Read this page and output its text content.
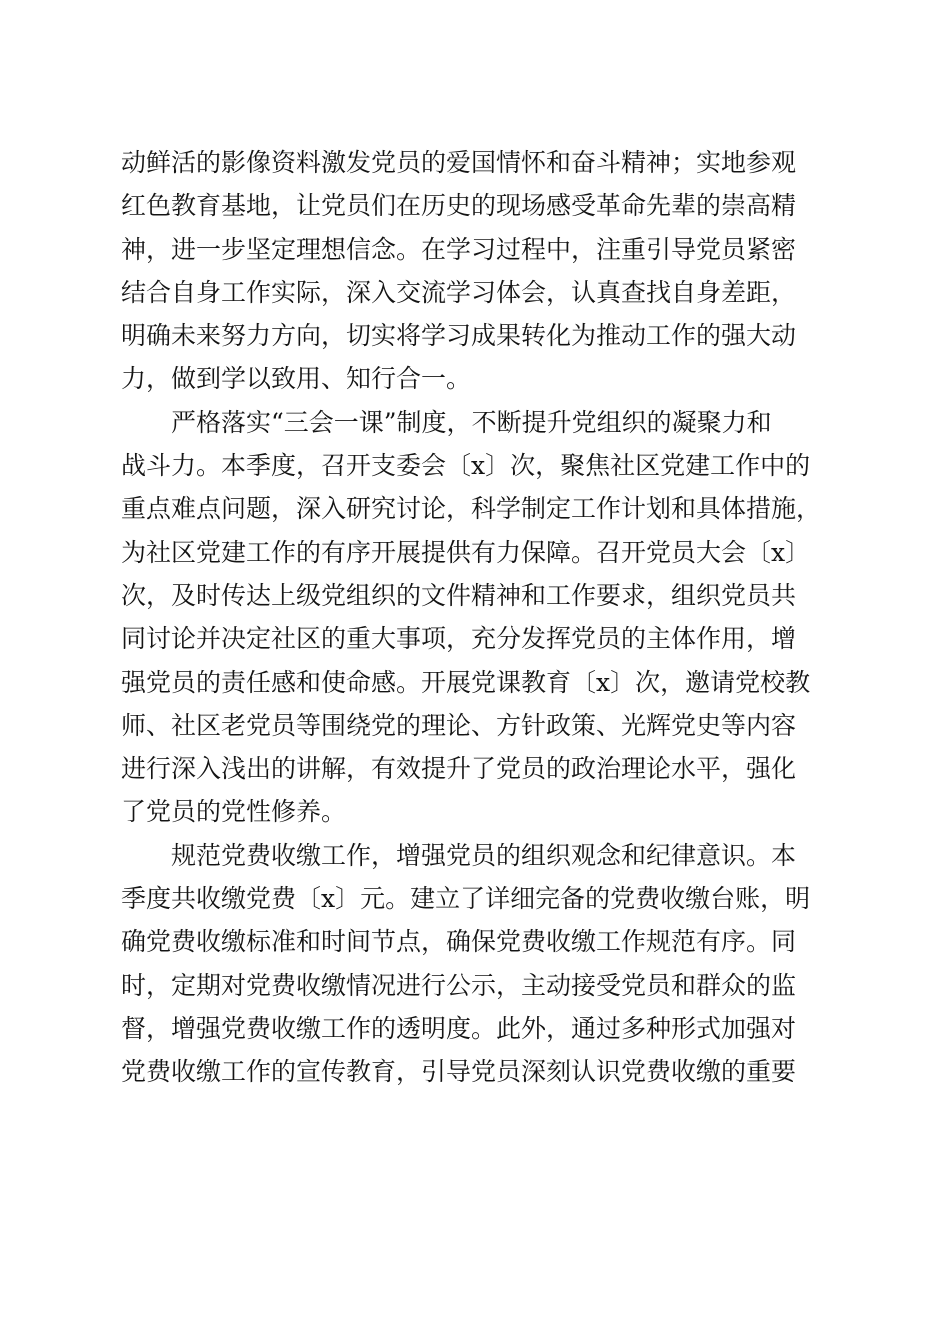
动鲜活的影像资料激发党员的爱国情怀和奋斗精神；实地参观
红色教育基地，让党员们在历史的现场感受革命先辈的崇高精
神，进一步坚定理想信念。在学习过程中，注重引导党员紧密
结合自身工作实际，深入交流学习体会，认真查找自身差距，
明确未来努力方向，切实将学习成果转化为推动工作的强大动
力，做到学以致用、知行合一。
严格落实“三会一课”制度，不断提升党组织的凝聚力和
战斗力。本季度，召开支委会〔x〕次，聚焦社区党建工作中的
重点难点问题，深入研究讨论，科学制定工作计划和具体措施，
为社区党建工作的有序开展提供有力保障。召开党员大会〔x〕
次，及时传达上级党组织的文件精神和工作要求，组织党员共
同讨论并决定社区的重大事项，充分发挥党员的主体作用，增
强党员的责任感和使命感。开展党课教育〔x〕次，邀请党校教
师、社区老党员等围绕党的理论、方针政策、光辉党史等内容
进行深入浅出的讲解，有效提升了党员的政治理论水平，强化
了党员的党性修养。
规范党费收缴工作，增强党员的组织观念和纪律意识。本
季度共收缴党费〔x〕元。建立了详细完备的党费收缴台账，明
确党费收缴标准和时间节点，确保党费收缴工作规范有序。同
时，定期对党费收缴情况进行公示，主动接受党员和群众的监
督，增强党费收缴工作的透明度。此外，通过多种形式加强对
党费收缴工作的宣传教育，引导党员深刻认识党费收缴的重要
